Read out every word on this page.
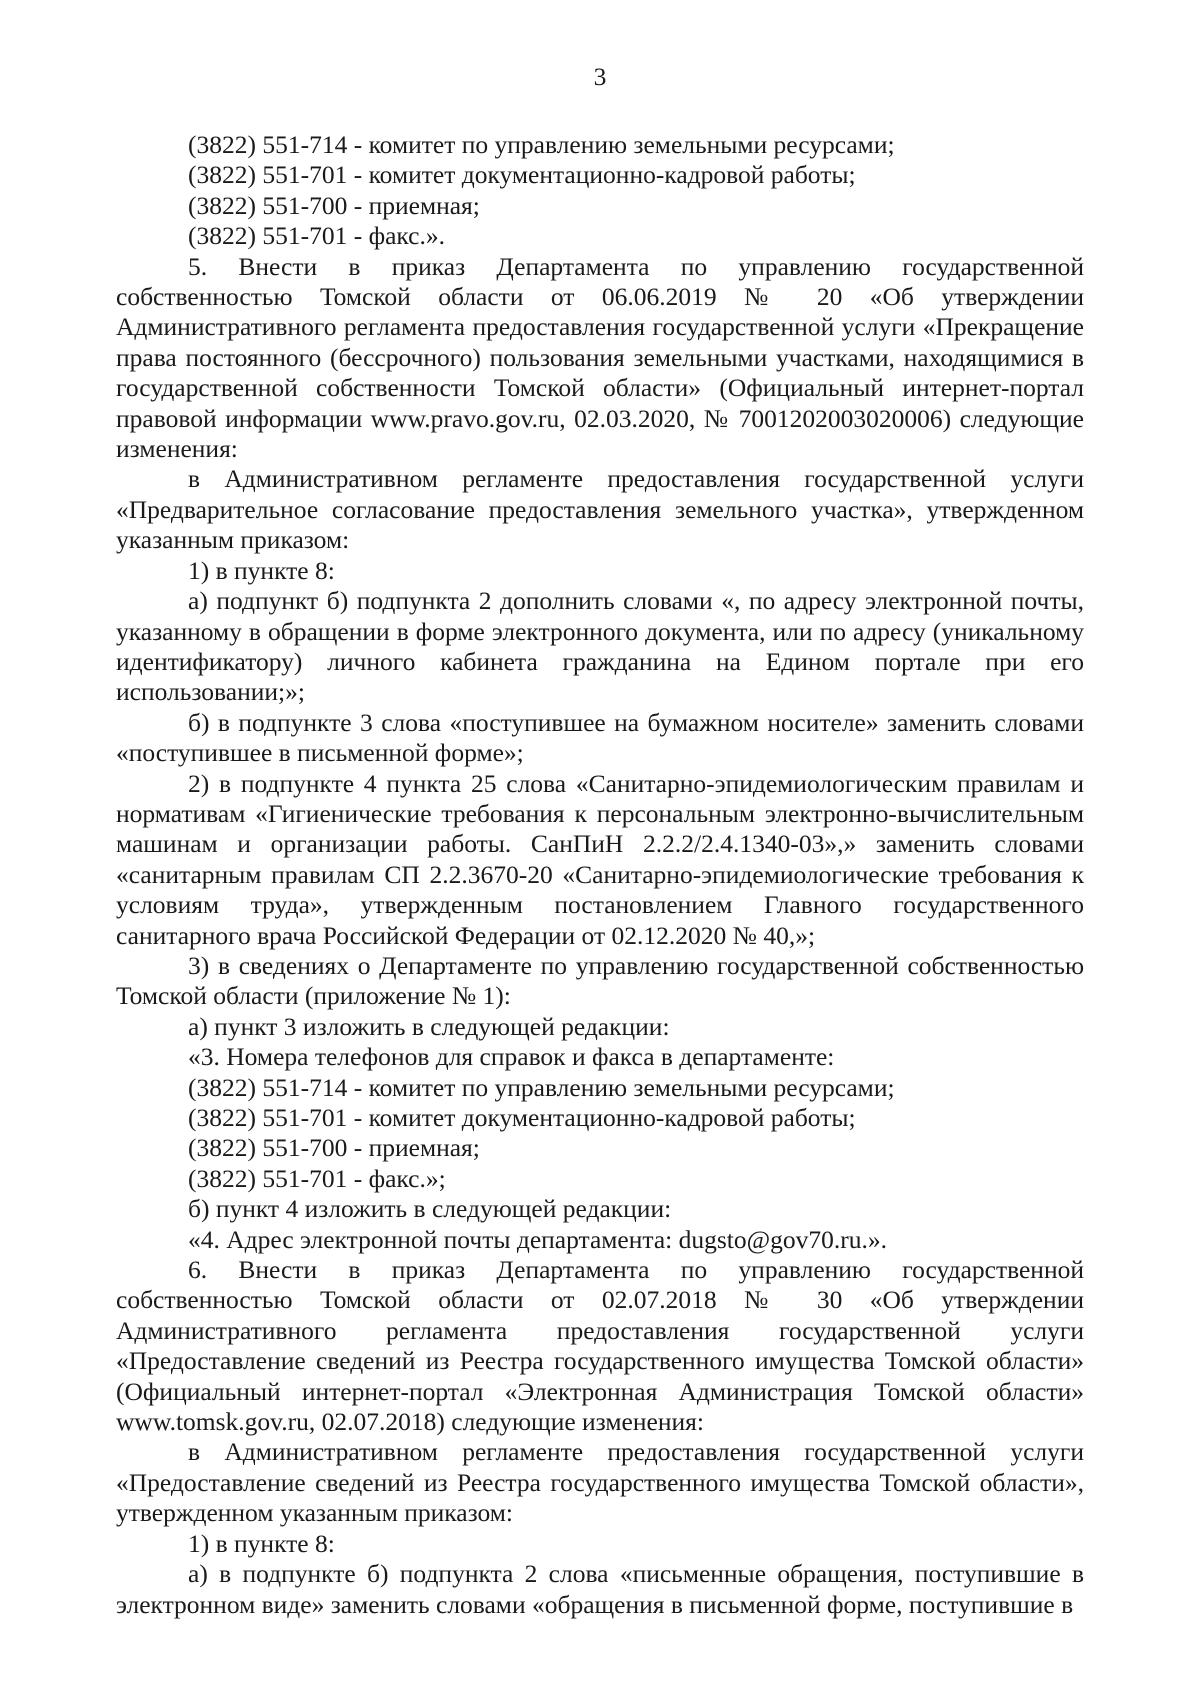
3

(3822) 551-714 - комитет по управлению земельными ресурсами;

(3822) 551-701 - комитет документационно-кадровой работы;

(3822) 551-700 - приемная;

(3822) 551-701 - факс.».

5. Внести в приказ Департамента по управлению государственной собственностью Томской области от 06.06.2019 № 20 «Об утверждении Административного регламента предоставления государственной услуги «Прекращение права постоянного (бессрочного) пользования земельными участками, находящимися в государственной собственности Томской области» (Официальный интернет-портал правовой информации www.pravo.gov.ru, 02.03.2020, № 7001202003020006) следующие изменения:

в Административном регламенте предоставления государственной услуги «Предварительное согласование предоставления земельного участка», утвержденном указанным приказом:

1) в пункте 8:

а) подпункт б) подпункта 2 дополнить словами «, по адресу электронной почты, указанному в обращении в форме электронного документа, или по адресу (уникальному идентификатору) личного кабинета гражданина на Едином портале при его использовании;»;

б) в подпункте 3 слова «поступившее на бумажном носителе» заменить словами «поступившее в письменной форме»;

2) в подпункте 4 пункта 25 слова «Санитарно-эпидемиологическим правилам и нормативам «Гигиенические требования к персональным электронно-вычислительным машинам и организации работы. СанПиН 2.2.2/2.4.1340-03»,» заменить словами «санитарным правилам СП 2.2.3670-20 «Санитарно-эпидемиологические требования к условиям труда», утвержденным постановлением Главного государственного санитарного врача Российской Федерации от 02.12.2020 № 40,»;

3) в сведениях о Департаменте по управлению государственной собственностью Томской области (приложение № 1):

а) пункт 3 изложить в следующей редакции:

«3. Номера телефонов для справок и факса в департаменте:

(3822) 551-714 - комитет по управлению земельными ресурсами;

(3822) 551-701 - комитет документационно-кадровой работы;

(3822) 551-700 - приемная;

(3822) 551-701 - факс.»;

б) пункт 4 изложить в следующей редакции:

«4. Адрес электронной почты департамента: dugsto@gov70.ru.».

6. Внести в приказ Департамента по управлению государственной собственностью Томской области от 02.07.2018 № 30 «Об утверждении Административного регламента предоставления государственной услуги «Предоставление сведений из Реестра государственного имущества Томской области» (Официальный интернет-портал «Электронная Администрация Томской области» www.tomsk.gov.ru, 02.07.2018) следующие изменения:

в Административном регламенте предоставления государственной услуги «Предоставление сведений из Реестра государственного имущества Томской области», утвержденном указанным приказом:

1) в пункте 8:

а) в подпункте б) подпункта 2 слова «письменные обращения, поступившие в электронном виде» заменить словами «обращения в письменной форме, поступившие в
